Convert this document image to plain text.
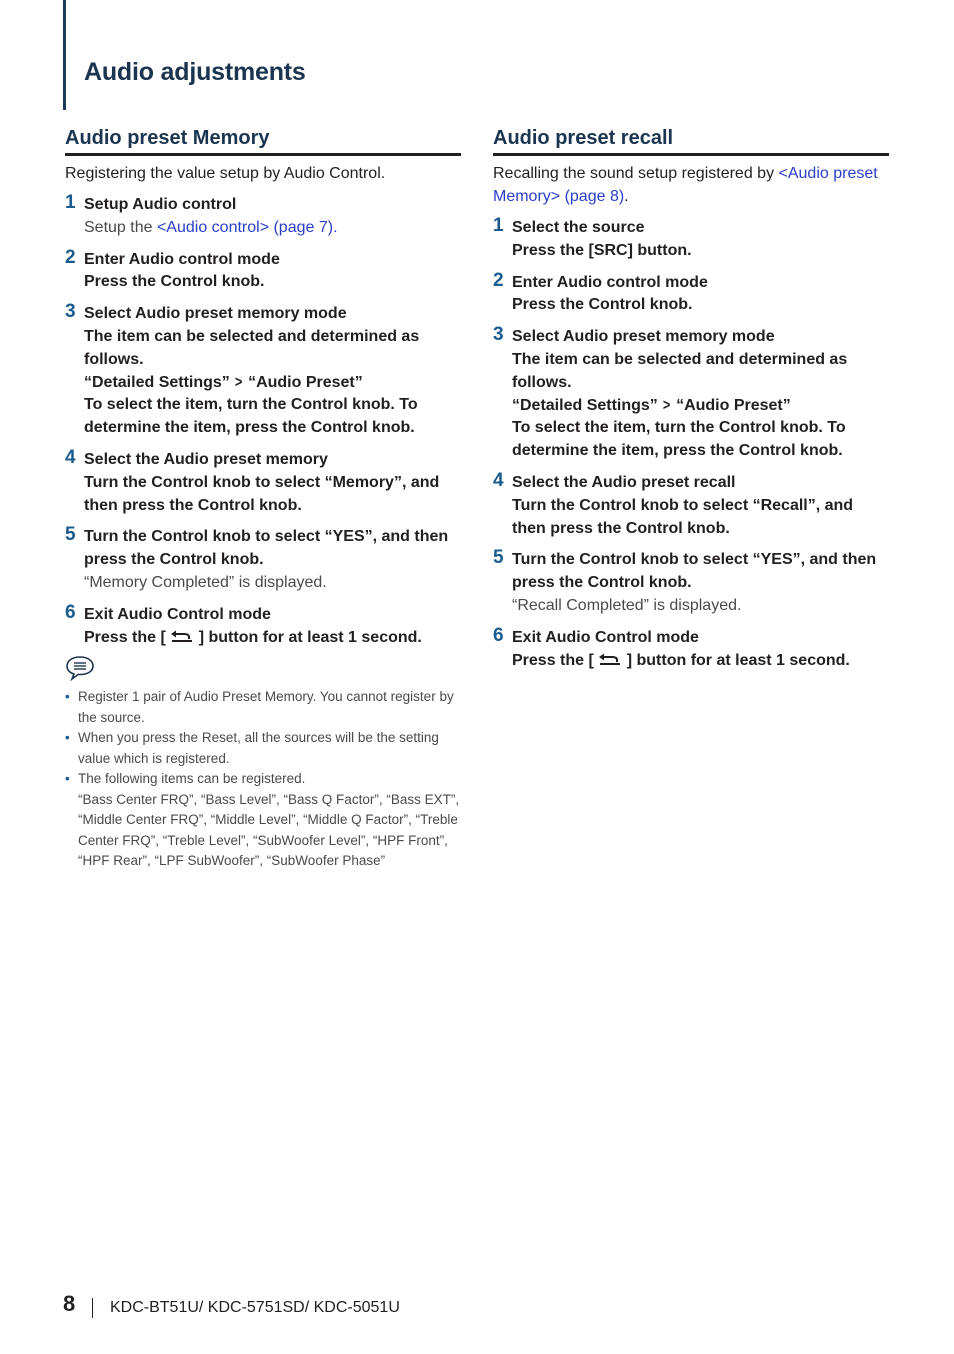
Audio adjustments
Audio preset Memory

Registering the value setup by Audio Control.

1 Setup Audio control
Setup the <Audio control> (page 7).
2 Enter Audio control mode
Press the Control knob.
3 Select Audio preset memory mode
The item can be selected and determined as follows.
“Detailed Settings” > “Audio Preset”
To select the item, turn the Control knob. To determine the item, press the Control knob.
4 Select the Audio preset memory
Turn the Control knob to select “Memory”, and then press the Control knob.
5 Turn the Control knob to select “YES”, and then press the Control knob.
“Memory Completed” is displayed.
6 Exit Audio Control mode
Press the [ ] button for at least 1 second.
• Register 1 pair of Audio Preset Memory. You cannot register by the source.
• When you press the Reset, all the sources will be the setting value which is registered.
• The following items can be registered.
“Bass Center FRQ”, “Bass Level”, “Bass Q Factor”, “Bass EXT”, “Middle Center FRQ”, “Middle Level”, “Middle Q Factor”, “Treble Center FRQ”, “Treble Level”, “SubWoofer Level”, “HPF Front”, “HPF Rear”, “LPF SubWoofer”, “SubWoofer Phase”
Audio preset recall

Recalling the sound setup registered by <Audio preset Memory> (page 8).

1 Select the source
Press the [SRC] button.
2 Enter Audio control mode
Press the Control knob.
3 Select Audio preset memory mode
The item can be selected and determined as follows.
“Detailed Settings” > “Audio Preset”
To select the item, turn the Control knob. To determine the item, press the Control knob.
4 Select the Audio preset recall
Turn the Control knob to select “Recall”, and then press the Control knob.
5 Turn the Control knob to select “YES”, and then press the Control knob.
“Recall Completed” is displayed.
6 Exit Audio Control mode
Press the [ ] button for at least 1 second.
8 KDC-BT51U/ KDC-5751SD/ KDC-5051U
